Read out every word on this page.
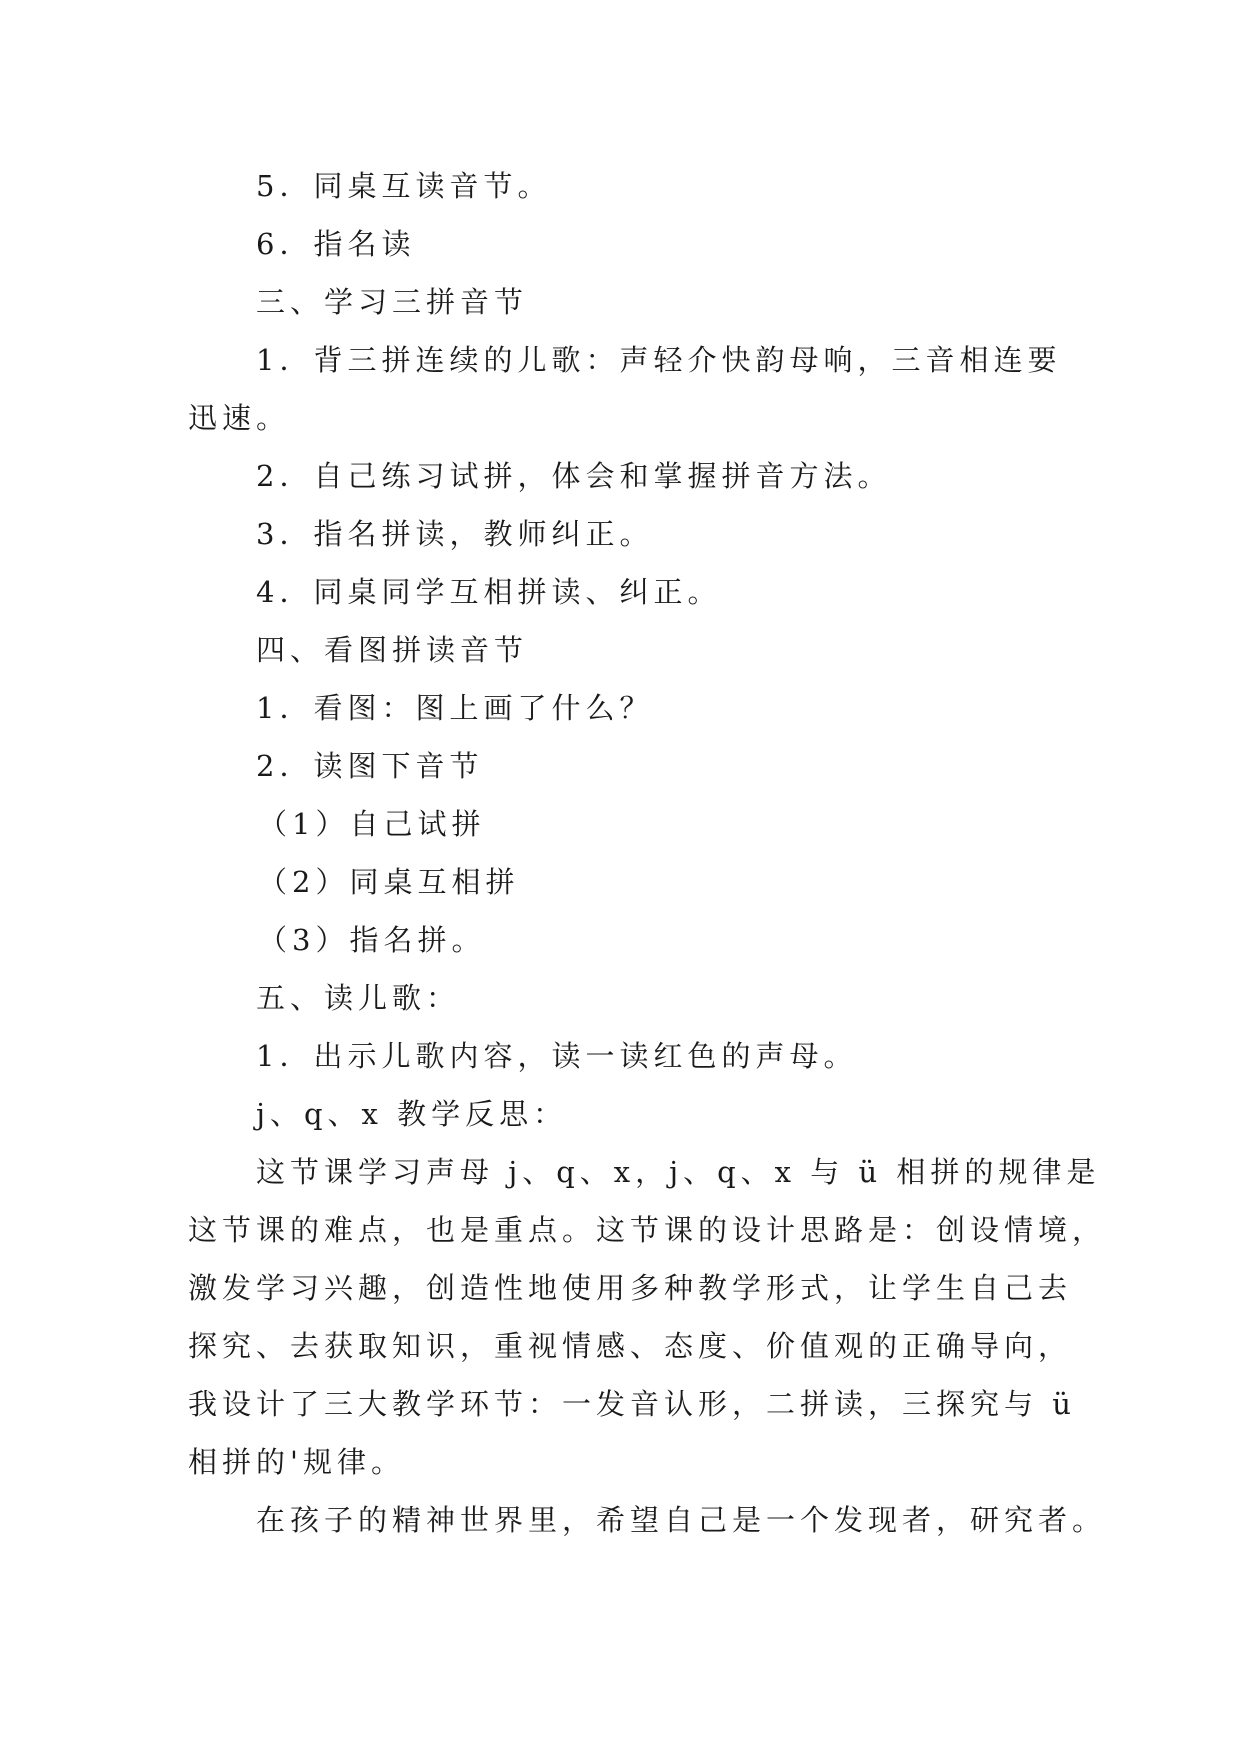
5．同桌互读音节。
6．指名读
三、学习三拼音节
1．背三拼连续的儿歌：声轻介快韵母响，三音相连要
迅速。
2．自己练习试拼，体会和掌握拼音方法。
3．指名拼读，教师纠正。
4．同桌同学互相拼读、纠正。
四、看图拼读音节
1．看图：图上画了什么？
2．读图下音节
（1）自己试拼
（2）同桌互相拼
（3）指名拼。
五、读儿歌：
1．出示儿歌内容，读一读红色的声母。
j、q、x 教学反思：
这节课学习声母 j、q、x，j、q、x 与 ü 相拼的规律是
这节课的难点，也是重点。这节课的设计思路是：创设情境，
激发学习兴趣，创造性地使用多种教学形式，让学生自己去
探究、去获取知识，重视情感、态度、价值观的正确导向，
我设计了三大教学环节：一发音认形，二拼读，三探究与 ü
相拼的'规律。
在孩子的精神世界里，希望自己是一个发现者，研究者。
